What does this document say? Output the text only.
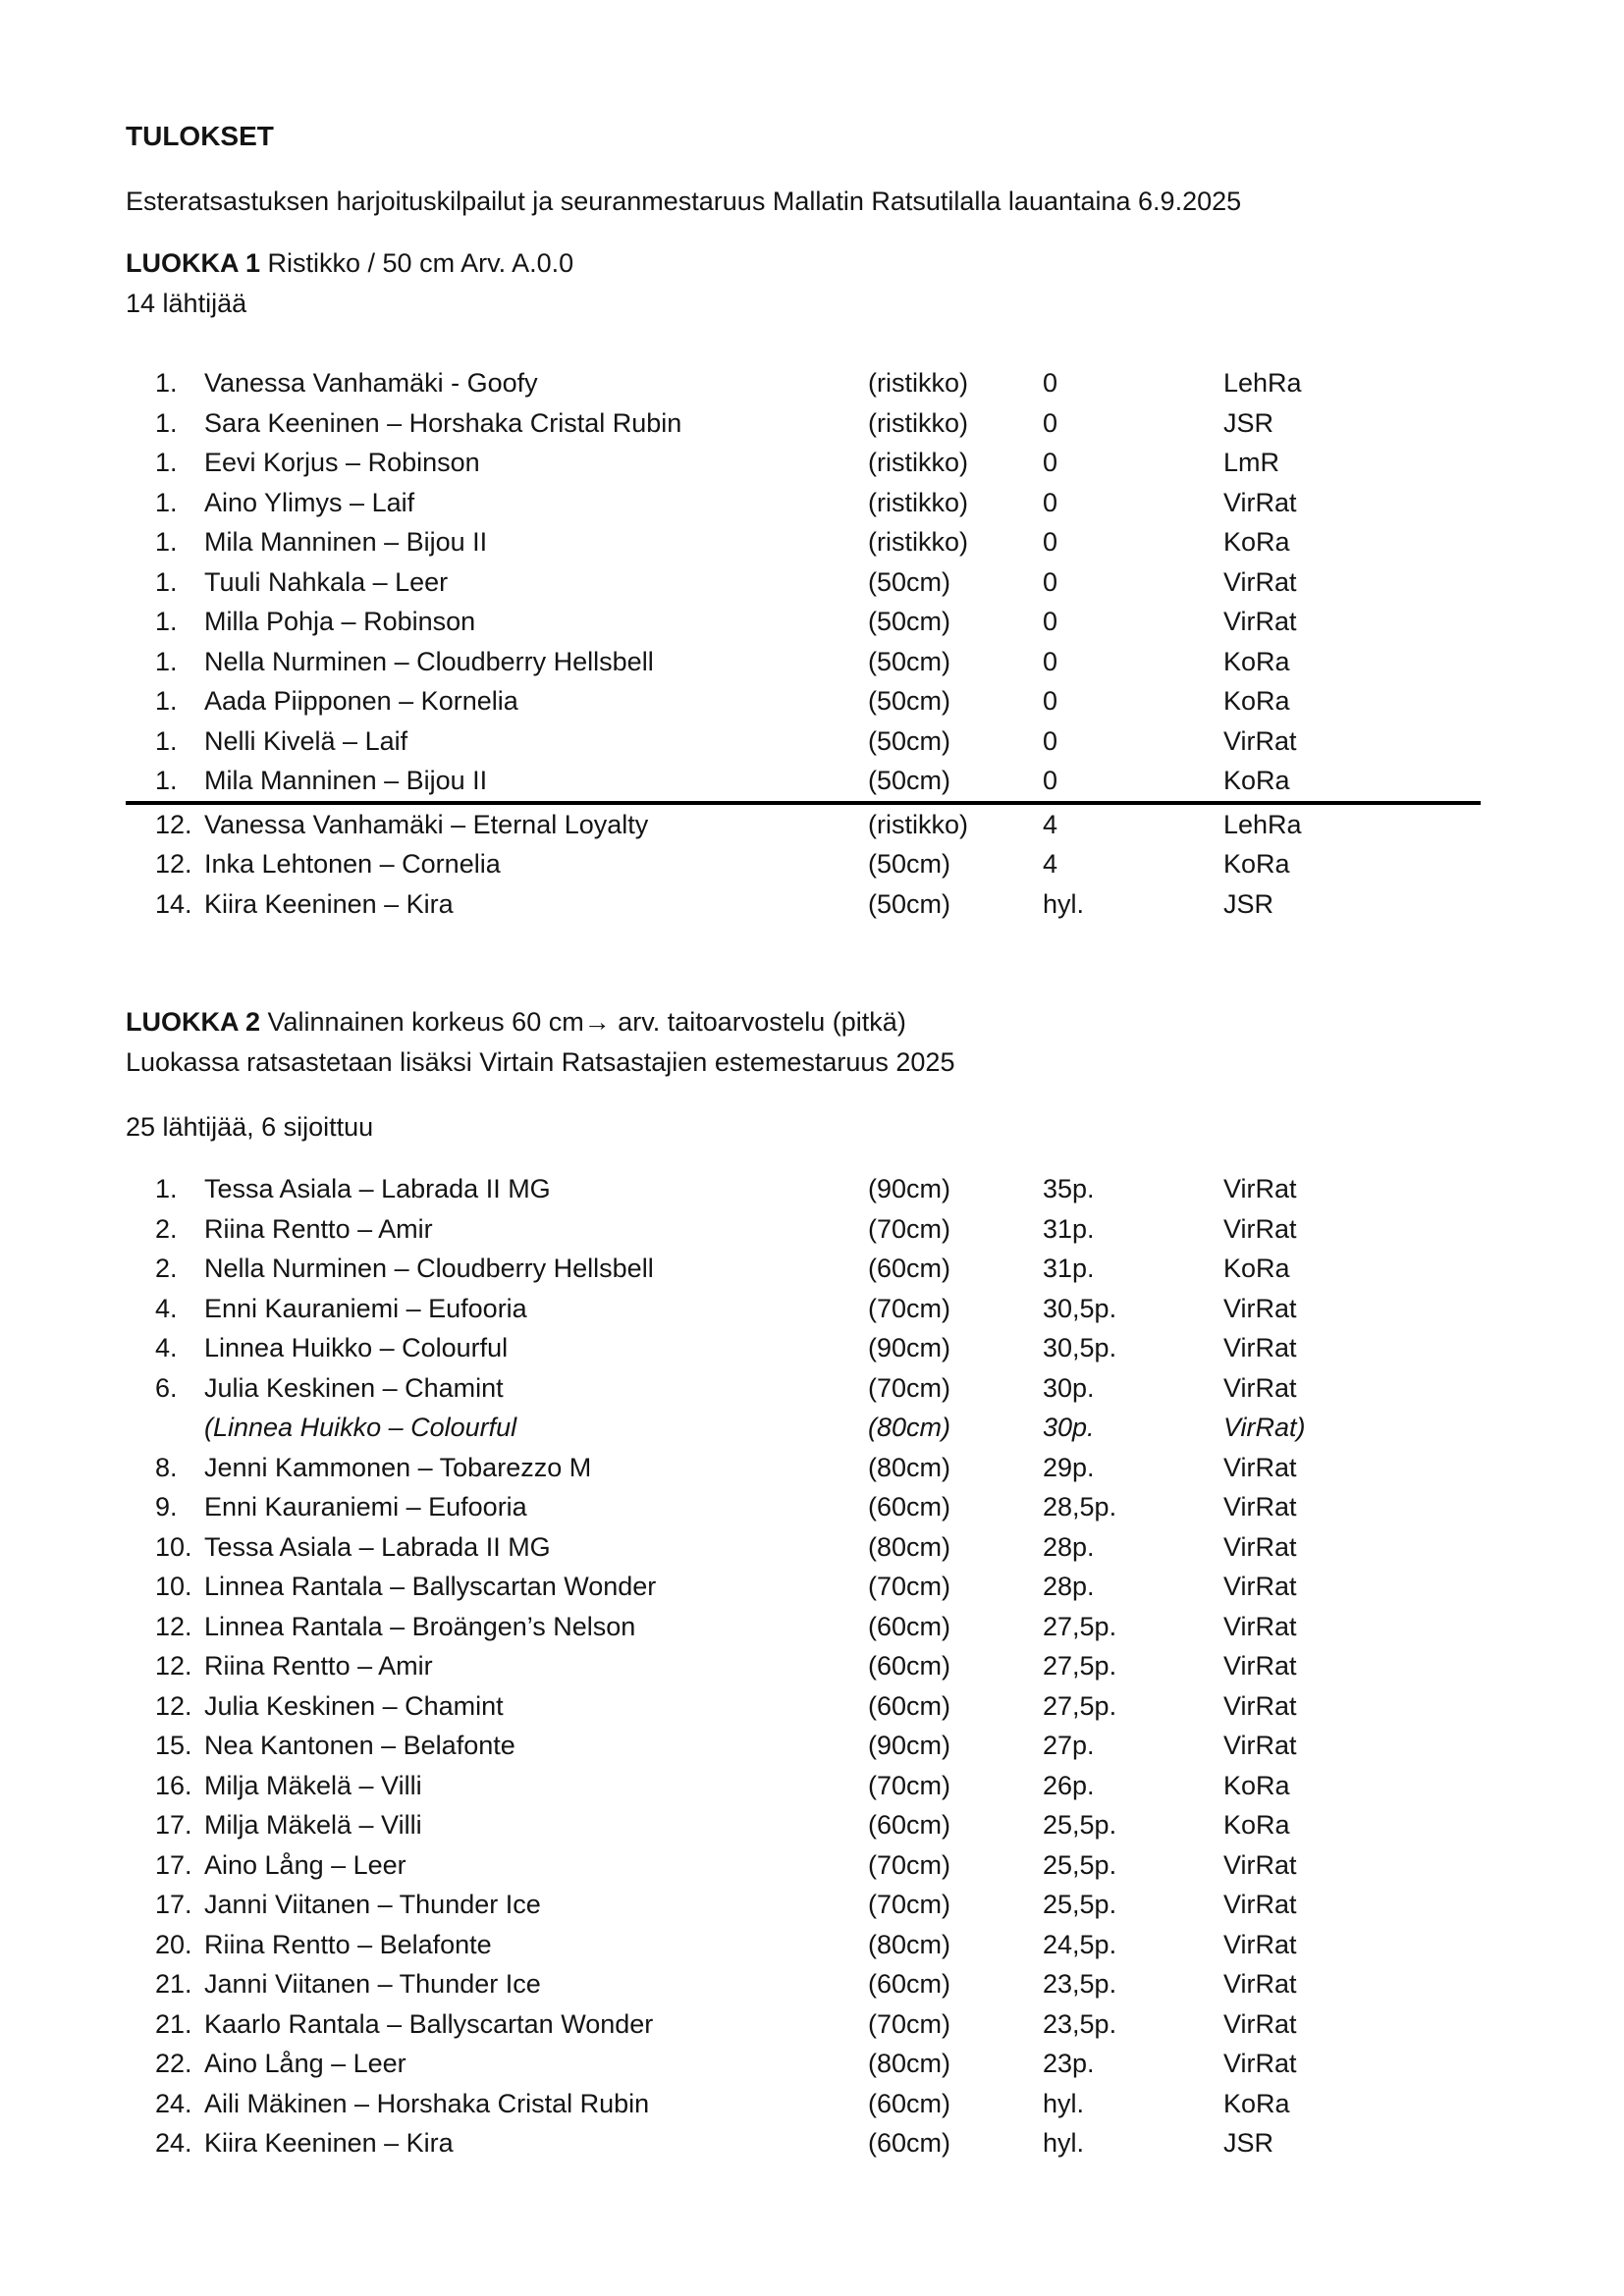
TULOKSET

Esteratsastuksen harjoituskilpailut ja seuranmestaruus Mallatin Ratsutilalla lauantaina 6.9.2025

LUOKKA 1 Ristikko / 50 cm Arv. A.0.0

14 lähtijää

1.	Vanessa Vanhamäki - Goofy	(ristikko)	0	LehRa
1.	Sara Keeninen – Horshaka Cristal Rubin	(ristikko)	0	JSR
1.	Eevi Korjus – Robinson	(ristikko)	0	LmR
1.	Aino Ylimys – Laif	(ristikko)	0	VirRat
1.	Mila Manninen – Bijou II	(ristikko)	0	KoRa
1.	Tuuli Nahkala – Leer	(50cm)	0	VirRat
1.	Milla Pohja – Robinson	(50cm)	0	VirRat
1.	Nella Nurminen – Cloudberry Hellsbell	(50cm)	0	KoRa
1.	Aada Piipponen – Kornelia	(50cm)	0	KoRa
1.	Nelli Kivelä – Laif	(50cm)	0	VirRat
1.	Mila Manninen – Bijou II	(50cm)	0	KoRa
12. Vanessa Vanhamäki – Eternal Loyalty	(ristikko)	4	LehRa
12. Inka Lehtonen – Cornelia	(50cm)	4	KoRa
14. Kiira Keeninen – Kira	(50cm)	hyl.	JSR

LUOKKA 2 Valinnainen korkeus 60 cm→ arv. taitoarvostelu (pitkä)

Luokassa ratsastetaan lisäksi Virtain Ratsastajien estemestaruus 2025

25 lähtijää, 6 sijoittuu

1.	Tessa Asiala – Labrada II MG	(90cm)	35p.	VirRat
2.	Riina Rentto – Amir	(70cm)	31p.	VirRat
2.	Nella Nurminen – Cloudberry Hellsbell	(60cm)	31p.	KoRa
4.	Enni Kauraniemi – Eufooria	(70cm)	30,5p.	VirRat
4.	Linnea Huikko – Colourful	(90cm)	30,5p.	VirRat
6.	Julia Keskinen – Chamint	(70cm)	30p.	VirRat
(Linnea Huikko – Colourful	(80cm)	30p.	VirRat)
8.	Jenni Kammonen – Tobarezzo M	(80cm)	29p.	VirRat
9.	Enni Kauraniemi – Eufooria	(60cm)	28,5p.	VirRat
10. Tessa Asiala – Labrada II MG	(80cm)	28p.	VirRat
10. Linnea Rantala – Ballyscartan Wonder	(70cm)	28p.	VirRat
12. Linnea Rantala – Broängen’s Nelson	(60cm)	27,5p.	VirRat
12. Riina Rentto – Amir	(60cm)	27,5p.	VirRat
12. Julia Keskinen – Chamint	(60cm)	27,5p.	VirRat
15. Nea Kantonen – Belafonte	(90cm)	27p.	VirRat
16. Milja Mäkelä – Villi	(70cm)	26p.	KoRa
17. Milja Mäkelä – Villi	(60cm)	25,5p.	KoRa
17. Aino Lång – Leer	(70cm)	25,5p.	VirRat
17. Janni Viitanen – Thunder Ice	(70cm)	25,5p.	VirRat
20. Riina Rentto – Belafonte	(80cm)	24,5p.	VirRat
21. Janni Viitanen – Thunder Ice	(60cm)	23,5p.	VirRat
21. Kaarlo Rantala – Ballyscartan Wonder	(70cm)	23,5p.	VirRat
22. Aino Lång – Leer	(80cm)	23p.	VirRat
24. Aili Mäkinen – Horshaka Cristal Rubin	(60cm)	hyl.	KoRa
24. Kiira Keeninen – Kira	(60cm)	hyl.	JSR
